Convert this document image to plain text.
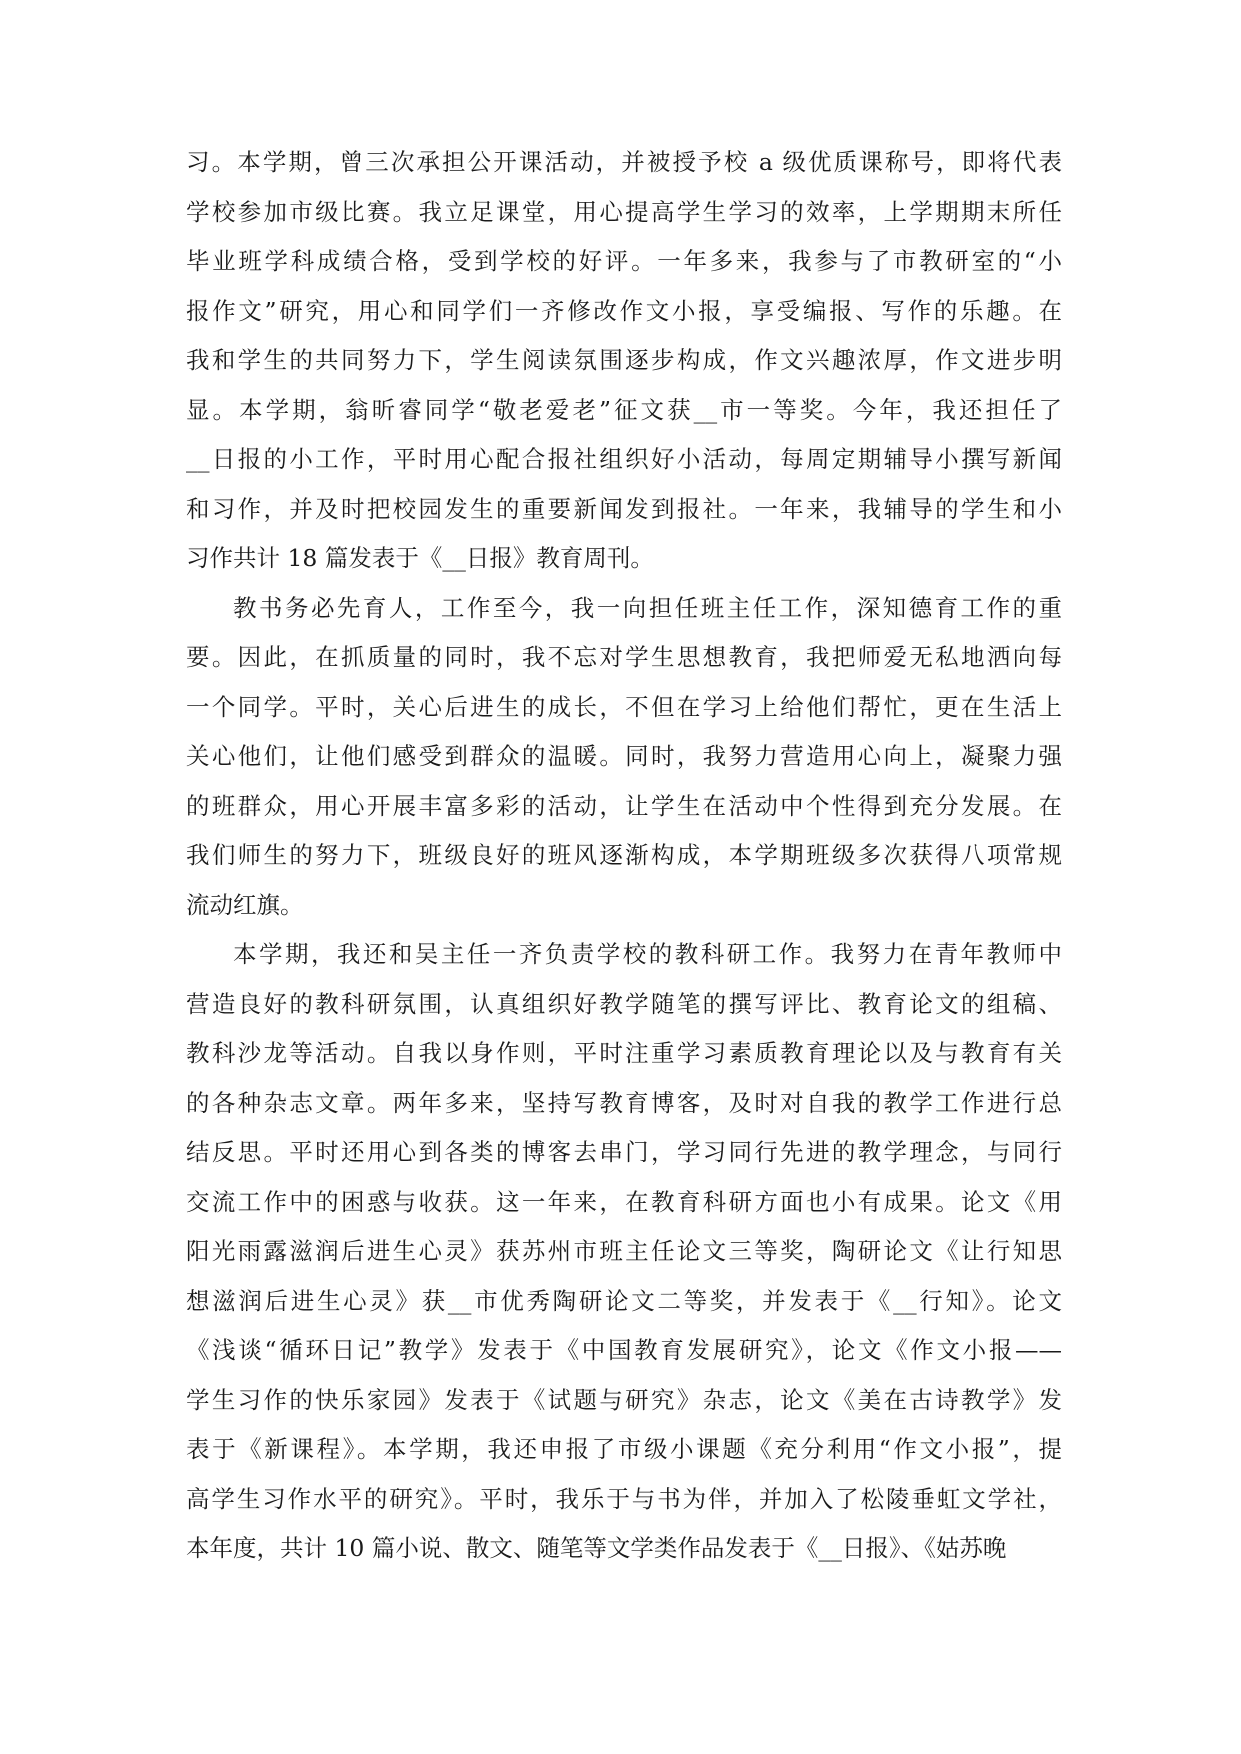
习。本学期，曾三次承担公开课活动，并被授予校 a 级优质课称号，即将代表
学校参加市级比赛。我立足课堂，用心提高学生学习的效率，上学期期末所任
毕业班学科成绩合格，受到学校的好评。一年多来，我参与了市教研室的“小
报作文”研究，用心和同学们一齐修改作文小报，享受编报、写作的乐趣。在
我和学生的共同努力下，学生阅读氛围逐步构成，作文兴趣浓厚，作文进步明
显。本学期，翁昕睿同学“敬老爱老”征文获__市一等奖。今年，我还担任了
__日报的小工作，平时用心配合报社组织好小活动，每周定期辅导小撰写新闻
和习作，并及时把校园发生的重要新闻发到报社。一年来，我辅导的学生和小
习作共计 18 篇发表于《__日报》教育周刊。
教书务必先育人，工作至今，我一向担任班主任工作，深知德育工作的重
要。因此，在抓质量的同时，我不忘对学生思想教育，我把师爱无私地洒向每
一个同学。平时，关心后进生的成长，不但在学习上给他们帮忙，更在生活上
关心他们，让他们感受到群众的温暖。同时，我努力营造用心向上，凝聚力强
的班群众，用心开展丰富多彩的活动，让学生在活动中个性得到充分发展。在
我们师生的努力下，班级良好的班风逐渐构成，本学期班级多次获得八项常规
流动红旗。
本学期，我还和吴主任一齐负责学校的教科研工作。我努力在青年教师中
营造良好的教科研氛围，认真组织好教学随笔的撰写评比、教育论文的组稿、
教科沙龙等活动。自我以身作则，平时注重学习素质教育理论以及与教育有关
的各种杂志文章。两年多来，坚持写教育博客，及时对自我的教学工作进行总
结反思。平时还用心到各类的博客去串门，学习同行先进的教学理念，与同行
交流工作中的困惑与收获。这一年来，在教育科研方面也小有成果。论文《用
阳光雨露滋润后进生心灵》获苏州市班主任论文三等奖，陶研论文《让行知思
想滋润后进生心灵》获__市优秀陶研论文二等奖，并发表于《__行知》。论文
《浅谈“循环日记”教学》发表于《中国教育发展研究》，论文《作文小报——
学生习作的快乐家园》发表于《试题与研究》杂志，论文《美在古诗教学》发
表于《新课程》。本学期，我还申报了市级小课题《充分利用“作文小报”，提
高学生习作水平的研究》。平时，我乐于与书为伴，并加入了松陵垂虹文学社，
本年度，共计 10 篇小说、散文、随笔等文学类作品发表于《__日报》、《姑苏晚
